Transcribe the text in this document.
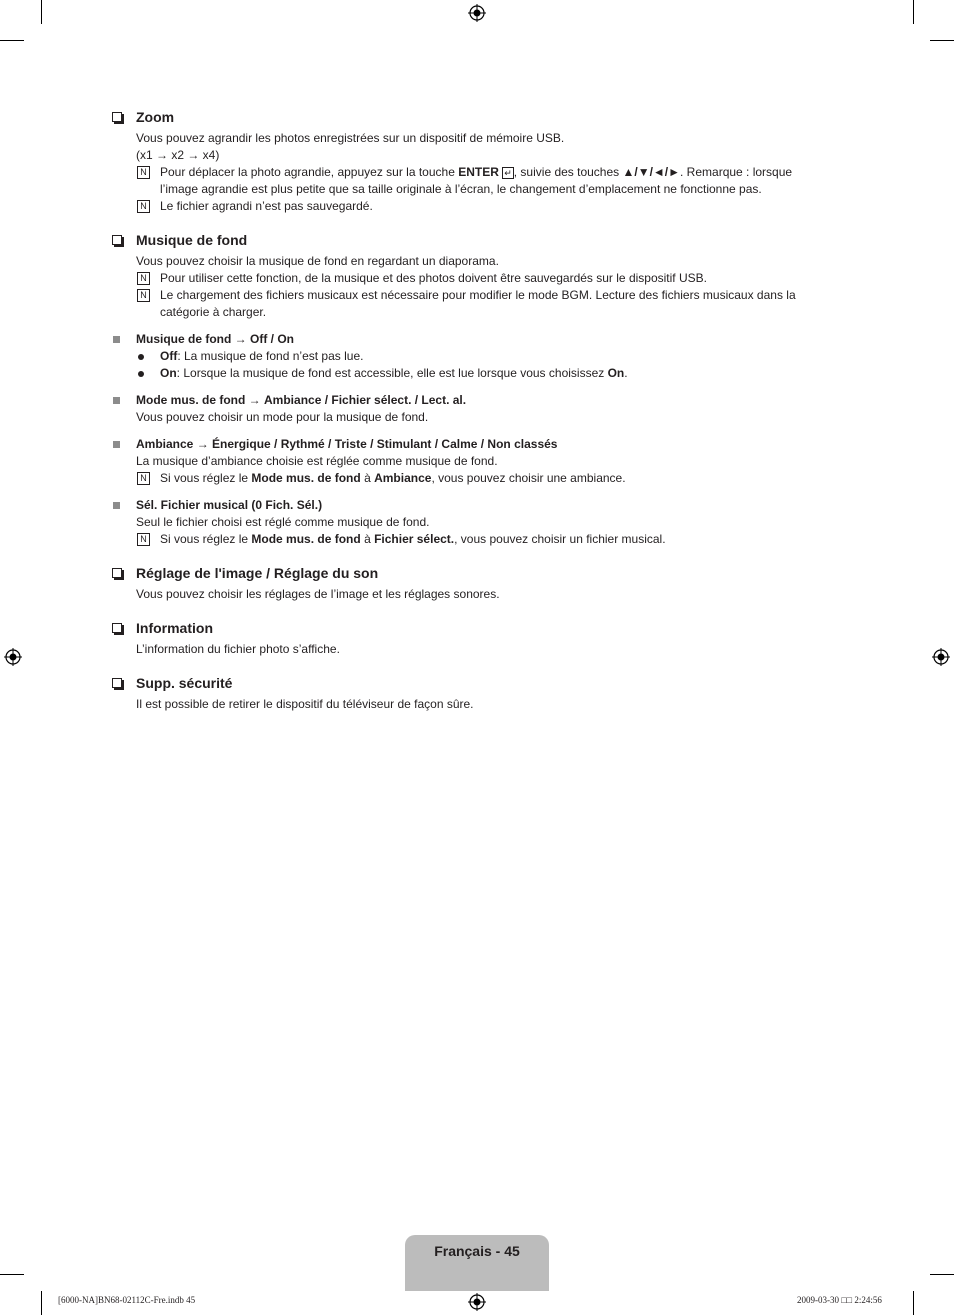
Zoom
Vous pouvez agrandir les photos enregistrées sur un dispositif de mémoire USB.
(x1 → x2 → x4)
N Pour déplacer la photo agrandie, appuyez sur la touche ENTER ↵ , suivie des touches ▲/▼/◄/►. Remarque : lorsque l’image agrandie est plus petite que sa taille originale à l’écran, le changement d’emplacement ne fonctionne pas.
N Le fichier agrandi n’est pas sauvegardé.
Musique de fond
Vous pouvez choisir la musique de fond en regardant un diaporama.
N Pour utiliser cette fonction, de la musique et des photos doivent être sauvegardés sur le dispositif USB.
N Le chargement des fichiers musicaux est nécessaire pour modifier le mode BGM. Lecture des fichiers musicaux dans la catégorie à charger.
Musique de fond → Off / On
Off: La musique de fond n’est pas lue.
On: Lorsque la musique de fond est accessible, elle est lue lorsque vous choisissez On.
Mode mus. de fond → Ambiance / Fichier sélect. / Lect. al.
Vous pouvez choisir un mode pour la musique de fond.
Ambiance → Énergique / Rythmé / Triste / Stimulant / Calme / Non classés
La musique d’ambiance choisie est réglée comme musique de fond.
N Si vous réglez le Mode mus. de fond à Ambiance, vous pouvez choisir une ambiance.
Sél. Fichier musical (0 Fich. Sél.)
Seul le fichier choisi est réglé comme musique de fond.
N Si vous réglez le Mode mus. de fond à Fichier sélect., vous pouvez choisir un fichier musical.
Réglage de l'image / Réglage du son
Vous pouvez choisir les réglages de l’image et les réglages sonores.
Information
L’information du fichier photo s’affiche.
Supp. sécurité
Il est possible de retirer le dispositif du téléviseur de façon sûre.
Français - 45
[6000-NA]BN68-02112C-Fre.indb 45	2009-03-30 □□ 2:24:56
